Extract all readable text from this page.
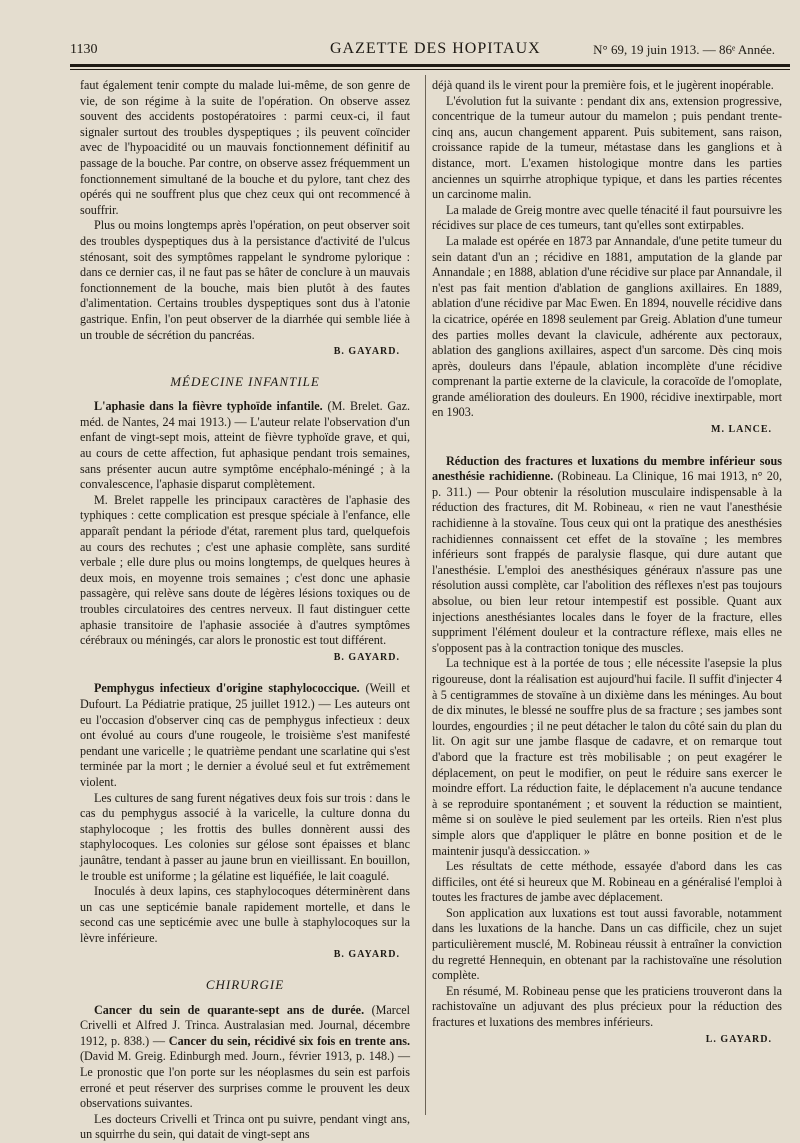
1130	GAZETTE DES HOPITAUX	N° 69, 19 juin 1913. — 86ᵉ Année.

faut également tenir compte du malade lui-même, de son genre de vie, de son régime à la suite de l'opération. On observe assez souvent des accidents postopératoires : parmi ceux-ci, il faut signaler surtout des troubles dyspeptiques ; ils peuvent coïncider avec de l'hypoacidité ou un mauvais fonctionnement définitif au passage de la bouche. Par contre, on observe assez fréquemment un fonctionnement simultané de la bouche et du pylore, tant chez des opérés qui ne souffrent plus que chez ceux qui ont recommencé à souffrir.

Plus ou moins longtemps après l'opération, on peut observer soit des troubles dyspeptiques dus à la persistance d'activité de l'ulcus sténosant, soit des symptômes rappelant le syndrome pylorique : dans ce dernier cas, il ne faut pas se hâter de conclure à un mauvais fonctionnement de la bouche, mais bien plutôt à des fautes d'alimentation. Certains troubles dyspeptiques sont dus à l'atonie gastrique. Enfin, l'on peut observer de la diarrhée qui semble liée à un trouble de sécrétion du pancréas.

B. GAYARD.
MÉDECINE INFANTILE

L'aphasie dans la fièvre typhoïde infantile. (M. Brelet. Gaz. méd. de Nantes, 24 mai 1913.) — L'auteur relate l'observation d'un enfant de vingt-sept mois, atteint de fièvre typhoïde grave, et qui, au cours de cette affection, fut aphasique pendant trois semaines, sans présenter aucun autre symptôme encéphalo-méningé ; à la convalescence, l'aphasie disparut complètement.

M. Brelet rappelle les principaux caractères de l'aphasie des typhiques : cette complication est presque spéciale à l'enfance, elle apparaît pendant la période d'état, rarement plus tard, quelquefois au cours des rechutes ; c'est une aphasie complète, sans surdité verbale ; elle dure plus ou moins longtemps, de quelques heures à deux mois, en moyenne trois semaines ; c'est donc une aphasie passagère, qui relève sans doute de légères lésions toxiques ou de troubles circulatoires des centres nerveux. Il faut distinguer cette aphasie transitoire de l'aphasie associée à d'autres symptômes cérébraux ou méningés, car alors le pronostic est tout différent.

B. GAYARD.

Pemphygus infectieux d'origine staphylococcique. (Weill et Dufourt. La Pédiatrie pratique, 25 juillet 1912.) — Les auteurs ont eu l'occasion d'observer cinq cas de pemphygus infectieux : deux ont évolué au cours d'une rougeole, le troisième s'est manifesté pendant une varicelle ; le quatrième pendant une scarlatine qui s'est terminée par la mort ; le dernier a évolué seul et fut extrêmement violent.

Les cultures de sang furent négatives deux fois sur trois : dans le cas du pemphygus associé à la varicelle, la culture donna du staphylocoque ; les frottis des bulles donnèrent aussi des staphylocoques. Les colonies sur gélose sont épaisses et blanc jaunâtre, tendant à passer au jaune brun en vieillissant. En bouillon, le trouble est uniforme ; la gélatine est liquéfiée, le lait coagulé.

Inoculés à deux lapins, ces staphylocoques déterminèrent dans un cas une septicémie banale rapidement mortelle, et dans le second cas une septicémie avec une bulle à staphylocoques sur la lèvre inférieure.

B. GAYARD.
CHIRURGIE

Cancer du sein de quarante-sept ans de durée. (Marcel Crivelli et Alfred J. Trinca. Australasian med. Journal, décembre 1912, p. 838.) — Cancer du sein, récidivé six fois en trente ans. (David M. Greig. Edinburgh med. Journ., février 1913, p. 148.) — Le pronostic que l'on porte sur les néoplasmes du sein est parfois erroné et peut réserver des surprises comme le prouvent les deux observations suivantes.

Les docteurs Crivelli et Trinca ont pu suivre, pendant vingt ans, un squirrhe du sein, qui datait de vingt-sept ans

déjà quand ils le virent pour la première fois, et le jugèrent inopérable.

L'évolution fut la suivante : pendant dix ans, extension progressive, concentrique de la tumeur autour du mamelon ; puis pendant trente-cinq ans, aucun changement apparent. Puis subitement, sans raison, croissance rapide de la tumeur, métastase dans les ganglions et à distance, mort. L'examen histologique montre dans les parties anciennes un squirrhe atrophique typique, et dans les parties récentes un carcinome malin.

La malade de Greig montre avec quelle ténacité il faut poursuivre les récidives sur place de ces tumeurs, tant qu'elles sont extirpables.

La malade est opérée en 1873 par Annandale, d'une petite tumeur du sein datant d'un an ; récidive en 1881, amputation de la glande par Annandale ; en 1888, ablation d'une récidive sur place par Annandale, il n'est pas fait mention d'ablation de ganglions axillaires. En 1889, ablation d'une récidive par Mac Ewen. En 1894, nouvelle récidive dans la cicatrice, opérée en 1898 seulement par Greig. Ablation d'une tumeur des parties molles devant la clavicule, adhérente aux pectoraux, ablation des ganglions axillaires, aspect d'un sarcome. Dès cinq mois après, douleurs dans l'épaule, ablation incomplète d'une récidive comprenant la partie externe de la clavicule, la coracoïde de l'omoplate, grande amélioration des douleurs. En 1900, récidive inextirpable, mort en 1903.

M. LANCE.

Réduction des fractures et luxations du membre inférieur sous anesthésie rachidienne. (Robineau. La Clinique, 16 mai 1913, n° 20, p. 311.) — Pour obtenir la résolution musculaire indispensable à la réduction des fractures, dit M. Robineau, « rien ne vaut l'anesthésie rachidienne à la stovaïne. Tous ceux qui ont la pratique des anesthésies rachidiennes connaissent cet effet de la stovaïne ; les membres inférieurs sont frappés de paralysie flasque, qui dure autant que l'anesthésie. L'emploi des anesthésiques généraux n'assure pas une résolution aussi complète, car l'abolition des réflexes n'est pas toujours absolue, ou bien leur retour intempestif est possible. Quant aux injections anesthésiantes locales dans le foyer de la fracture, elles suppriment l'élément douleur et la contracture réflexe, mais elles ne s'opposent pas à la contraction tonique des muscles.

La technique est à la portée de tous ; elle nécessite l'asepsie la plus rigoureuse, dont la réalisation est aujourd'hui facile. Il suffit d'injecter 4 à 5 centigrammes de stovaïne à un dixième dans les méninges. Au bout de dix minutes, le blessé ne souffre plus de sa fracture ; ses jambes sont lourdes, engourdies ; il ne peut détacher le talon du côté sain du plan du lit. On agit sur une jambe flasque de cadavre, et on remarque tout d'abord que la fracture est très mobilisable ; on peut exagérer le déplacement, on peut le modifier, on peut le réduire sans exercer le moindre effort. La réduction faite, le déplacement n'a aucune tendance à se reproduire spontanément ; et souvent la réduction se maintient, même si on soulève le pied seulement par les orteils. Rien n'est plus simple alors que d'appliquer le plâtre en bonne position et de le maintenir jusqu'à dessiccation. »

Les résultats de cette méthode, essayée d'abord dans les cas difficiles, ont été si heureux que M. Robineau en a généralisé l'emploi à toutes les fractures de jambe avec déplacement.

Son application aux luxations est tout aussi favorable, notamment dans les luxations de la hanche. Dans un cas difficile, chez un sujet particulièrement musclé, M. Robineau réussit à entraîner la conviction du regretté Hennequin, en obtenant par la rachistovaïne une résolution complète.

En résumé, M. Robineau pense que les praticiens trouveront dans la rachistovaïne un adjuvant des plus précieux pour la réduction des fractures et luxations des membres inférieurs.

L. GAYARD.
